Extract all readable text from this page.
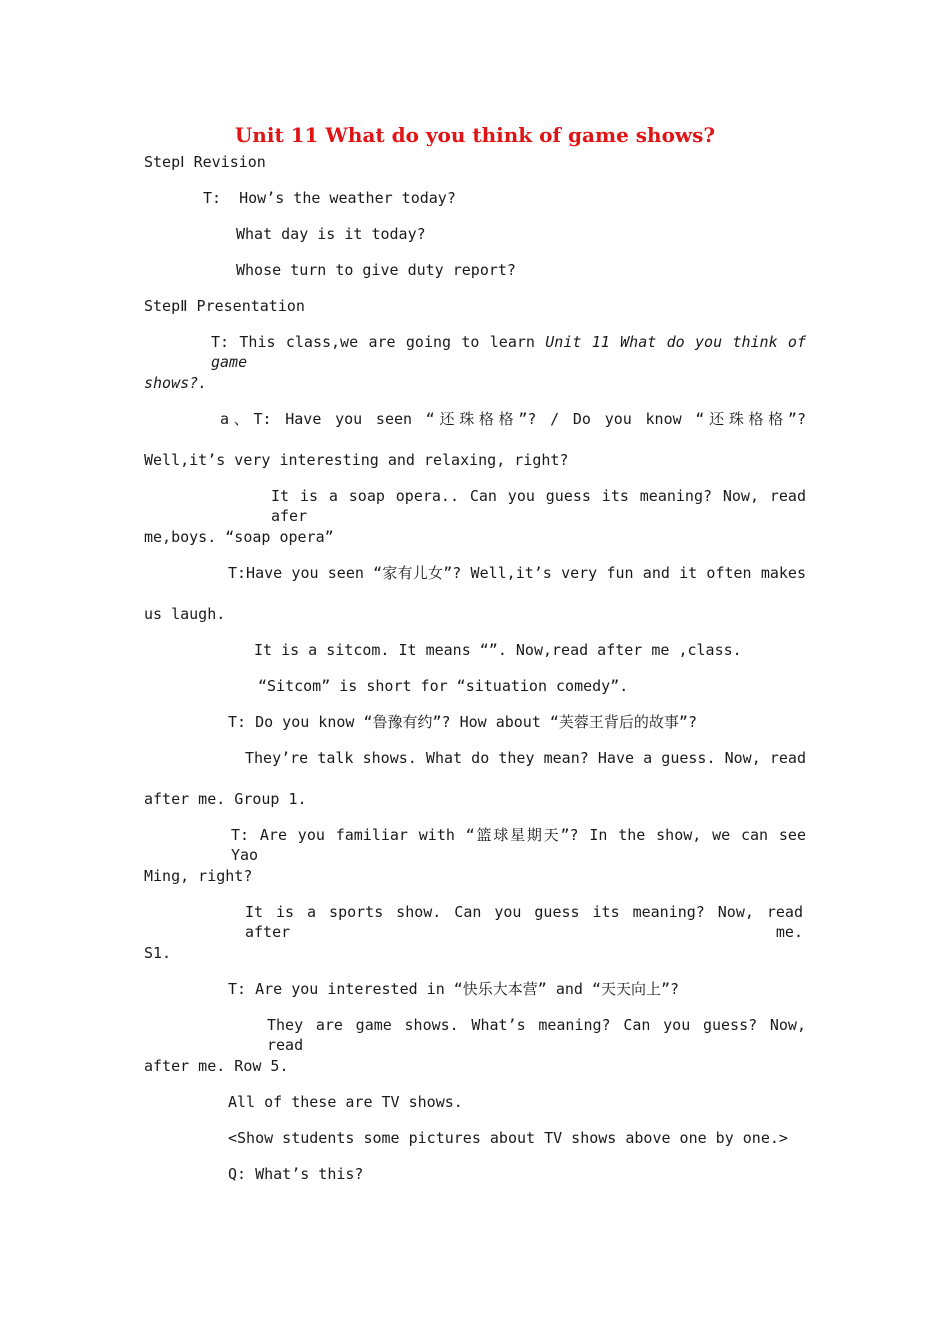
Unit 11 What do you think of game shows?
StepⅠ Revision
T:  How’s the weather today?
What day is it today?
Whose turn to give duty report?
StepⅡ Presentation
T: This class,we are going to learn Unit 11 What do you think of game
shows?.
a、T: Have you seen “还珠格格”? / Do you know “还珠格格”?
Well,it’s very interesting and relaxing, right?
It is a soap opera.. Can you guess its meaning? Now, read afer
me,boys. “soap opera”
T:Have you seen “家有儿女”? Well,it’s very fun and it often makes
us laugh.
It is a sitcom. It means “”. Now,read after me ,class.
“Sitcom” is short for “situation comedy”.
T: Do you know “鲁豫有约”? How about “芙蓉王背后的故事”?
They’re talk shows. What do they mean? Have a guess. Now, read
after me. Group 1.
T: Are you familiar with “篮球星期天”? In the show, we can see Yao
Ming, right?
It is a sports show. Can you guess its meaning? Now, read after me.
S1.
T: Are you interested in “快乐大本营” and “天天向上”?
They are game shows. What’s meaning? Can you guess? Now, read
after me. Row 5.
All of these are TV shows.
<Show students some pictures about TV shows above one by one.>
Q: What’s this?
